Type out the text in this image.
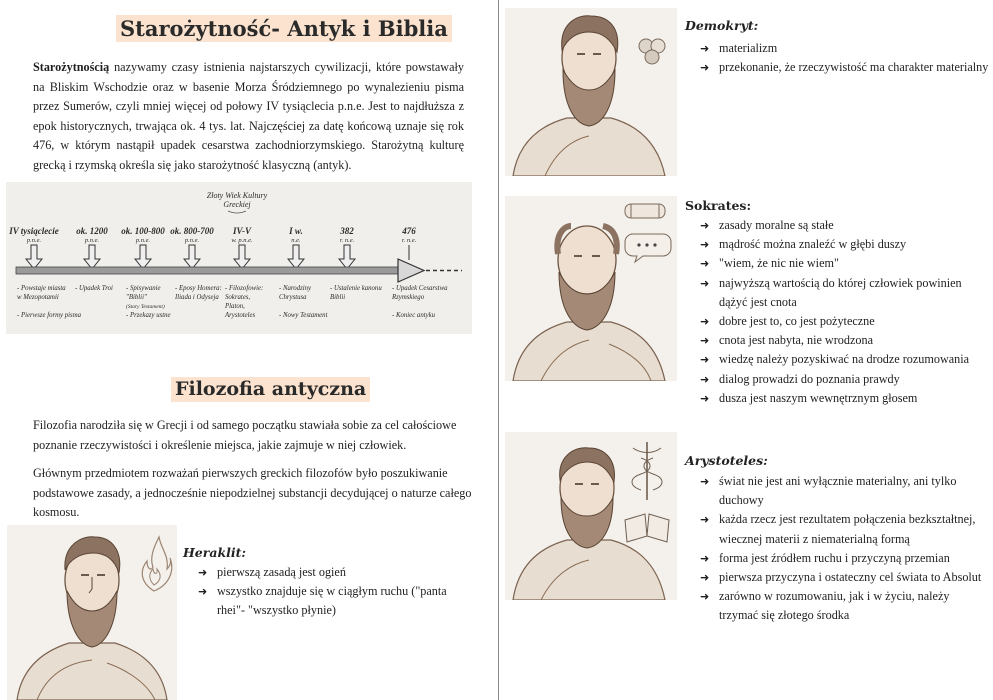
Starożytność- Antyk i Biblia

Starożytnością nazywamy czasy istnienia najstarszych cywilizacji, które powstawały na Bliskim Wschodzie oraz w basenie Morza Śródziemnego po wynalezieniu pisma przez Sumerów, czyli mniej więcej od połowy IV tysiąclecia p.n.e. Jest to najdłuższa z epok historycznych, trwająca ok. 4 tys. lat. Najczęściej za datę końcową uznaje się rok 476, w którym nastąpił upadek cesarstwa zachodniorzymskiego. Starożytną kulturę grecką i rzymską określa się jako starożytność klasyczną (antyk).

Złoty Wiek Kultury
Greckiej
IV tysiąclecie
p.n.e.
ok. 1200
p.n.e.
ok. 100-800
p.n.e.
ok. 800-700
p.n.e.
IV-V
w. p.n.e.
I w.
n.e.
382
r. n.e.
476
r. n.e.
- Powstaje miasta
w Mezopotamii
- Pierwsze formy pisma
- Upadek Troi - Spisywanie
"Biblii"
(Stary Testament)
- Przekazy ustne
- Eposy Homera:
Iliada i Odyseja
- Filozofowie:
Sokrates,
Platon,
Arystoteles
- Narodziny
Chrystusa
- Nowy Testament
- Ustalenie kanonu
Biblii
- Upadek Cesarstwa
Rzymskiego
- Koniec antyku
Filozofia antyczna

Filozofia narodziła się w Grecji i od samego początku stawiała sobie za cel całościowe poznanie rzeczywistości i określenie miejsca, jakie zajmuje w niej człowiek.

Głównym przedmiotem rozważań pierwszych greckich filozofów było poszukiwanie podstawowe zasady, a jednocześnie niepodzielnej substancji decydującej o naturze całego kosmosu.

Heraklit:
➜ pierwszą zasadą jest ogień
➜ wszystko znajduje się w ciągłym ruchu ("panta rhei"- "wszystko płynie)
Demokryt:
➜ materializm
➜ przekonanie, że rzeczywistość ma charakter materialny
Sokrates:
➜ zasady moralne są stałe
➜ mądrość można znaleźć w głębi duszy
➜ "wiem, że nic nie wiem"
➜ najwyższą wartością do której człowiek powinien dążyć jest cnota
➜ dobre jest to, co jest pożyteczne
➜ cnota jest nabyta, nie wrodzona
➜ wiedzę należy pozyskiwać na drodze rozumowania
➜ dialog prowadzi do poznania prawdy
➜ dusza jest naszym wewnętrznym głosem
Arystoteles:
➜ świat nie jest ani wyłącznie materialny, ani tylko duchowy
➜ każda rzecz jest rezultatem połączenia bezkształtnej, wiecznej materii z niematerialną formą
➜ forma jest źródłem ruchu i przyczyną przemian
➜ pierwsza przyczyna i ostateczny cel świata to Absolut
➜ zarówno w rozumowaniu, jak i w życiu, należy trzymać się złotego środka
